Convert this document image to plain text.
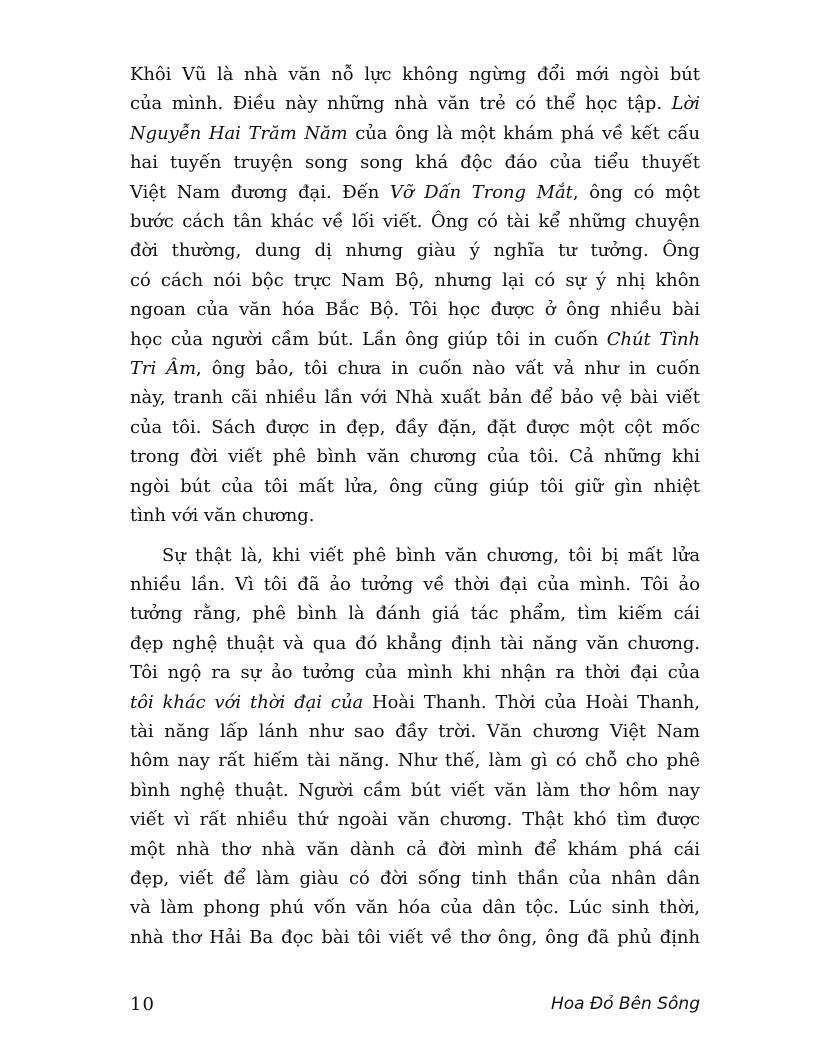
Khôi Vũ là nhà văn nỗ lực không ngừng đổi mới ngòi bút
của mình. Điều này những nhà văn trẻ có thể học tập. Lời
Nguyễn Hai Trăm Năm của ông là một khám phá về kết cấu
hai tuyến truyện song song khá độc đáo của tiểu thuyết
Việt Nam đương đại. Đến Vỡ Dấn Trong Mắt, ông có một
bước cách tân khác về lối viết. Ông có tài kể những chuyện
đời thường, dung dị nhưng giàu ý nghĩa tư tưởng. Ông
có cách nói bộc trực Nam Bộ, nhưng lại có sự ý nhị khôn
ngoan của văn hóa Bắc Bộ. Tôi học được ở ông nhiều bài
học của người cầm bút. Lần ông giúp tôi in cuốn Chút Tình
Tri Âm, ông bảo, tôi chưa in cuốn nào vất vả như in cuốn
này, tranh cãi nhiều lần với Nhà xuất bản để bảo vệ bài viết
của tôi. Sách được in đẹp, đầy đặn, đặt được một cột mốc
trong đời viết phê bình văn chương của tôi. Cả những khi
ngòi bút của tôi mất lửa, ông cũng giúp tôi giữ gìn nhiệt
tình với văn chương.

Sự thật là, khi viết phê bình văn chương, tôi bị mất lửa
nhiều lần. Vì tôi đã ảo tưởng về thời đại của mình. Tôi ảo
tưởng rằng, phê bình là đánh giá tác phẩm, tìm kiếm cái
đẹp nghệ thuật và qua đó khẳng định tài năng văn chương.
Tôi ngộ ra sự ảo tưởng của mình khi nhận ra thời đại của
tôi khác với thời đại của Hoài Thanh. Thời của Hoài Thanh,
tài năng lấp lánh như sao đầy trời. Văn chương Việt Nam
hôm nay rất hiếm tài năng. Như thế, làm gì có chỗ cho phê
bình nghệ thuật. Người cầm bút viết văn làm thơ hôm nay
viết vì rất nhiều thứ ngoài văn chương. Thật khó tìm được
một nhà thơ nhà văn dành cả đời mình để khám phá cái
đẹp, viết để làm giàu có đời sống tinh thần của nhân dân
và làm phong phú vốn văn hóa của dân tộc. Lúc sinh thời,
nhà thơ Hải Ba đọc bài tôi viết về thơ ông, ông đã phủ định

10	Hoa Đỏ Bên Sông
